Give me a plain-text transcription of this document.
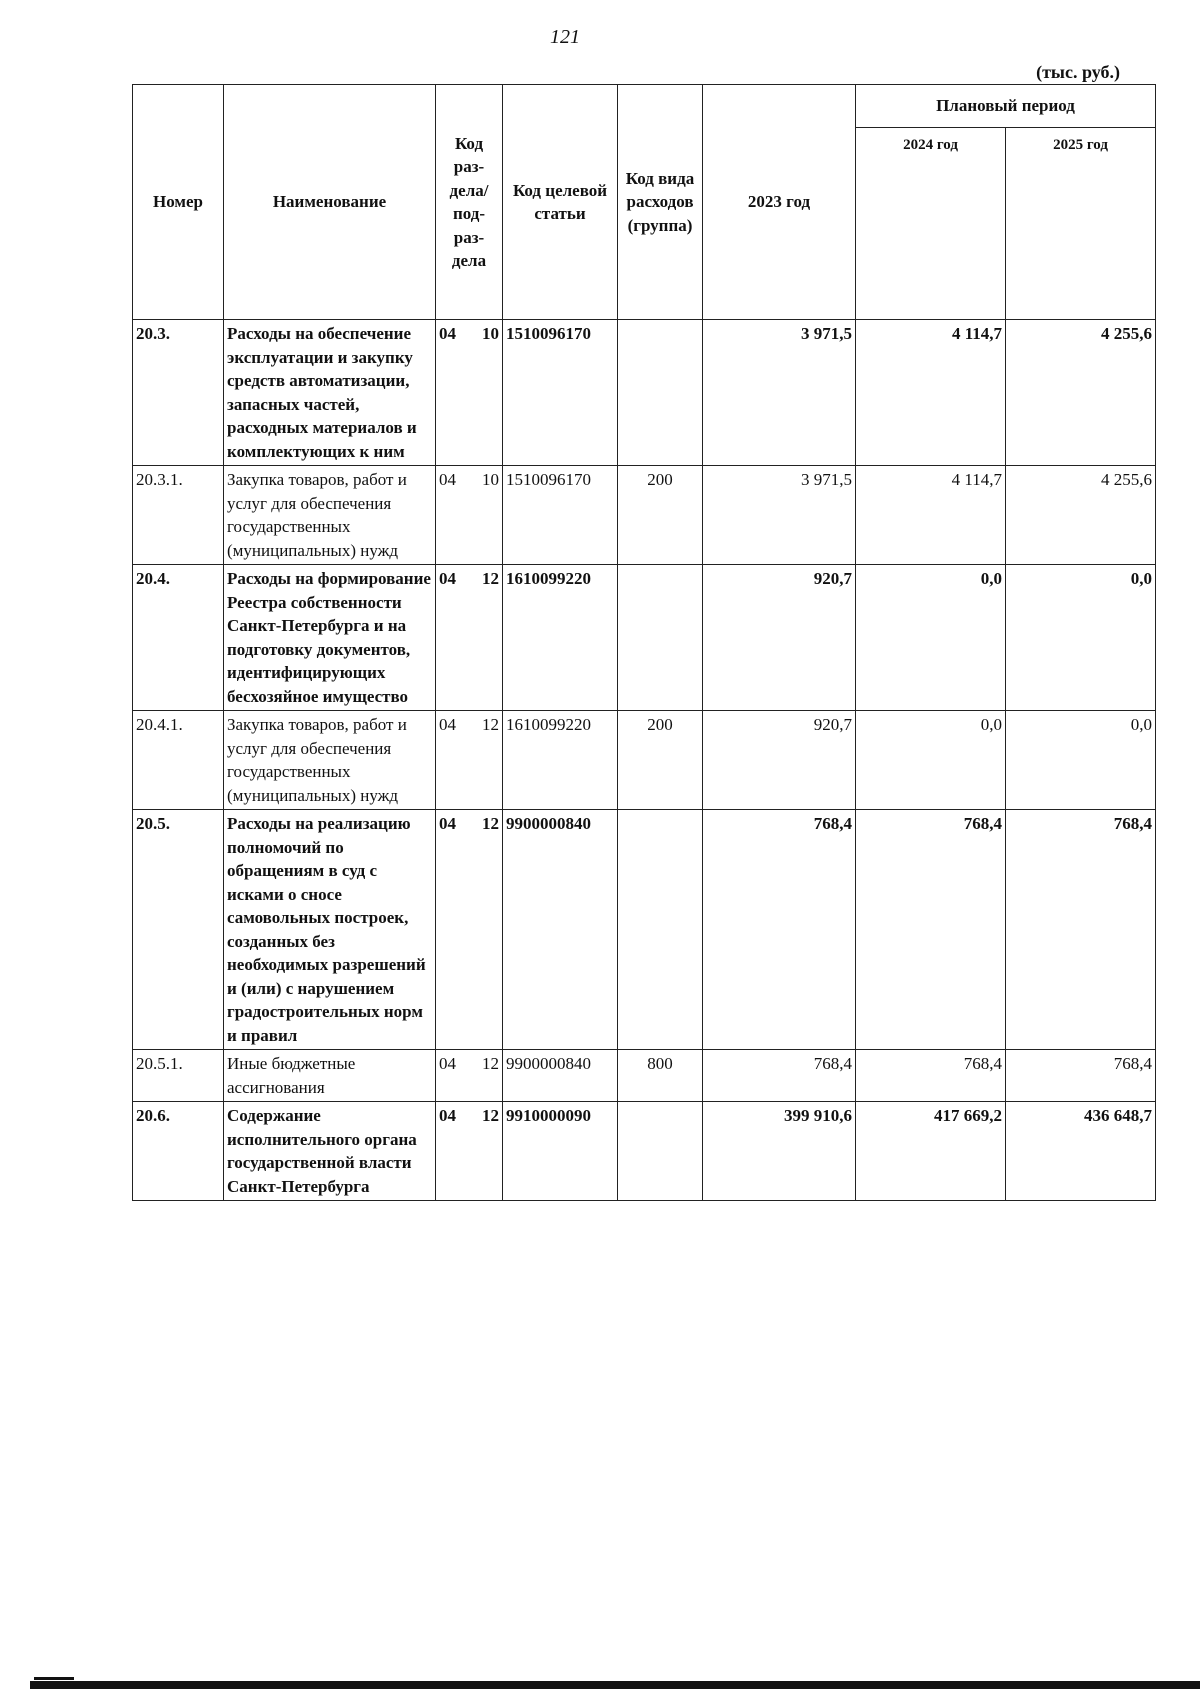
121
(тыс. руб.)
Номер	Наименование	Код раз-дела/ под-раз-дела	Код целевой статьи	Код вида расходов (группа)	2023 год	Плановый период	
						2024 год	2025 год
20.3.	Расходы на обеспечение эксплуатации и закупку средств автоматизации, запасных частей, расходных материалов и комплектующих к ним	04 10	1510096170		3 971,5	4 114,7	4 255,6
20.3.1.	Закупка товаров, работ и услуг для обеспечения государственных (муниципальных) нужд	04 10	1510096170	200	3 971,5	4 114,7	4 255,6
20.4.	Расходы на формирование Реестра собственности Санкт-Петербурга и на подготовку документов, идентифицирующих бесхозяйное имущество	04 12	1610099220		920,7	0,0	0,0
20.4.1.	Закупка товаров, работ и услуг для обеспечения государственных (муниципальных) нужд	04 12	1610099220	200	920,7	0,0	0,0
20.5.	Расходы на реализацию полномочий по обращениям в суд с исками о сносе самовольных построек, созданных без необходимых разрешений и (или) с нарушением градостроительных норм и правил	04 12	9900000840		768,4	768,4	768,4
20.5.1.	Иные бюджетные ассигнования	04 12	9900000840	800	768,4	768,4	768,4
20.6.	Содержание исполнительного органа государственной власти Санкт-Петербурга	04 12	9910000090		399 910,6	417 669,2	436 648,7
